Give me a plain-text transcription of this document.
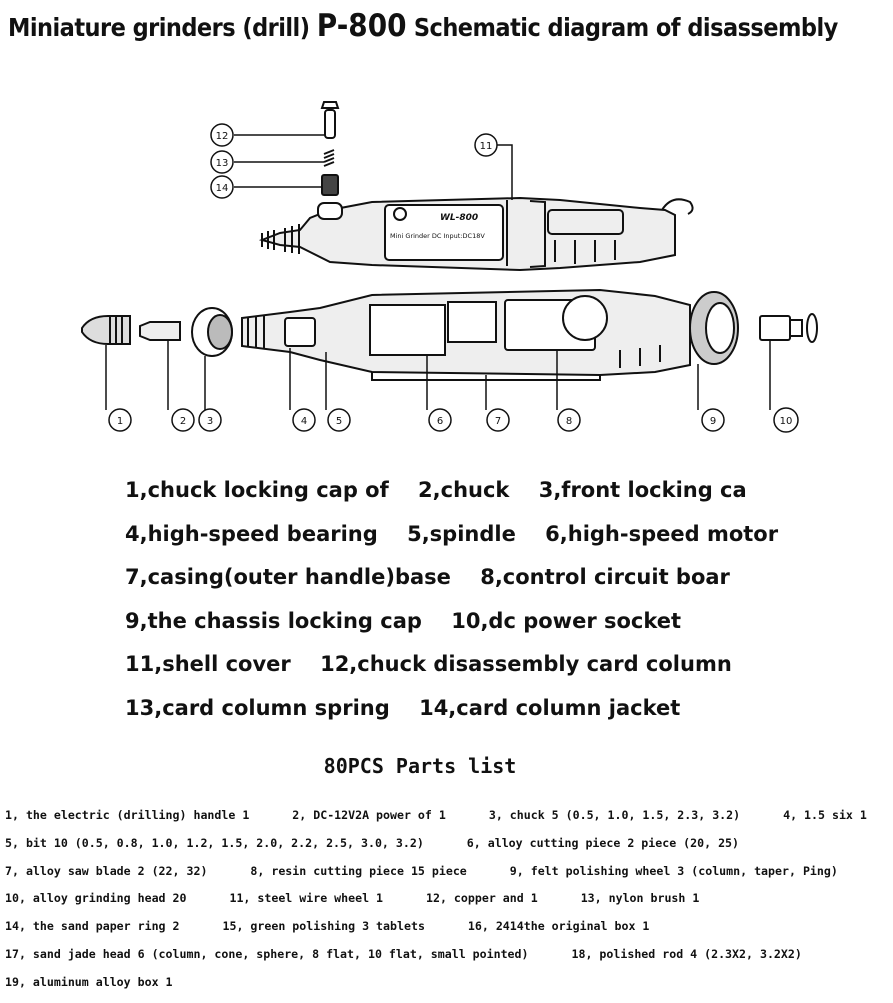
Miniature grinders (drill) P-800 Schematic diagram of disassembly
WL-800
Mini Grinder DC Input:DC18V
11
12
13
14
1	2 3	4	5	6	7	8	9	10
1,chuck locking cap of 2,chuck 3,front locking ca
4,high-speed bearing 5,spindle 6,high-speed motor
7,casing(outer handle)base 8,control circuit boar
9,the chassis locking cap 10,dc power socket
11,shell cover 12,chuck disassembly card column
13,card column spring 14,card column jacket
80PCS Parts list
1, the electric (drilling) handle 1	2, DC-12V2A power of 1	3, chuck 5 (0.5, 1.0, 1.5, 2.3, 3.2)	4, 1.5 six 1
5, bit 10 (0.5, 0.8, 1.0, 1.2, 1.5, 2.0, 2.2, 2.5, 3.0, 3.2)	6, alloy cutting piece 2 piece (20, 25)
7, alloy saw blade 2 (22, 32)	8, resin cutting piece 15 piece	9, felt polishing wheel 3 (column, taper, Ping)
10, alloy grinding head 20	11, steel wire wheel 1	12, copper and 1	13, nylon brush 1
14, the sand paper ring 2	15, green polishing 3 tablets	16, 2414the original box 1
17, sand jade head 6 (column, cone, sphere, 8 flat, 10 flat, small pointed)	18, polished rod 4 (2.3X2, 3.2X2)
19, aluminum alloy box 1
